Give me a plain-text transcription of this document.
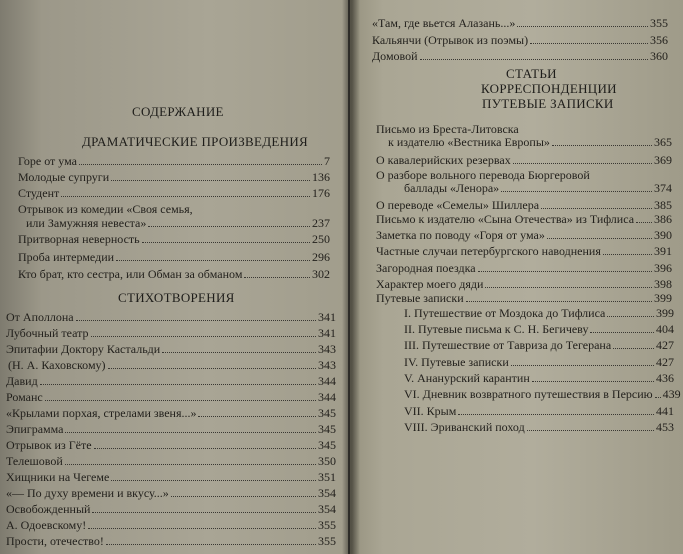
СОДЕРЖАНИЕ
ДРАМАТИЧЕСКИЕ ПРОИЗВЕДЕНИЯ
Горе от ума	7
Молодые супруги	136
Студент	176
Отрывок из комедии «Своя семья,
или Замужняя невеста»	237
Притворная неверность	250
Проба интермедии	296
Кто брат, кто сестра, или Обман за обманом	302
СТИХОТВОРЕНИЯ
От Аполлона	341
Лубочный театр	341
Эпитафии Доктору Кастальди	343
(Н. А. Каховскому)	343
Давид	344
Романс	344
«Крылами порхая, стрелами звеня...»	345
Эпиграмма	345
Отрывок из Гёте	345
Телешовой	350
Хищники на Чегеме	351
«— По духу времени и вкусу...»	354
Освобожденный	354
А. Одоевскому!	355
Прости, отечество!	355
«Там, где вьется Алазань...»	355
Кальянчи (Отрывок из поэмы)	356
Домовой	360
СТАТЬИ
КОРРЕСПОНДЕНЦИИ
ПУТЕВЫЕ ЗАПИСКИ
Письмо из Бреста-Литовска
к издателю «Вестника Европы»	365
О кавалерийских резервах	369
О разборе вольного перевода Бюргеровой
баллады «Ленора»	374
О переводе «Семелы» Шиллера	385
Письмо к издателю «Сына Отечества» из Тифлиса 386
Заметка по поводу «Горя от ума»	390
Частные случаи петербургского наводнения	391
Загородная поездка	396
Характер моего дяди	398
Путевые записки	399
I. Путешествие от Моздока до Тифлиса	399
II. Путевые письма к С. Н. Бегичеву	404
III. Путешествие от Тавриза до Тегерана	427
IV. Путевые записки	427
V. Ананурский карантин	436
VI. Дневник возвратного путешествия в Персию 439
VII. Крым	441
VIII. Эриванский поход	453
